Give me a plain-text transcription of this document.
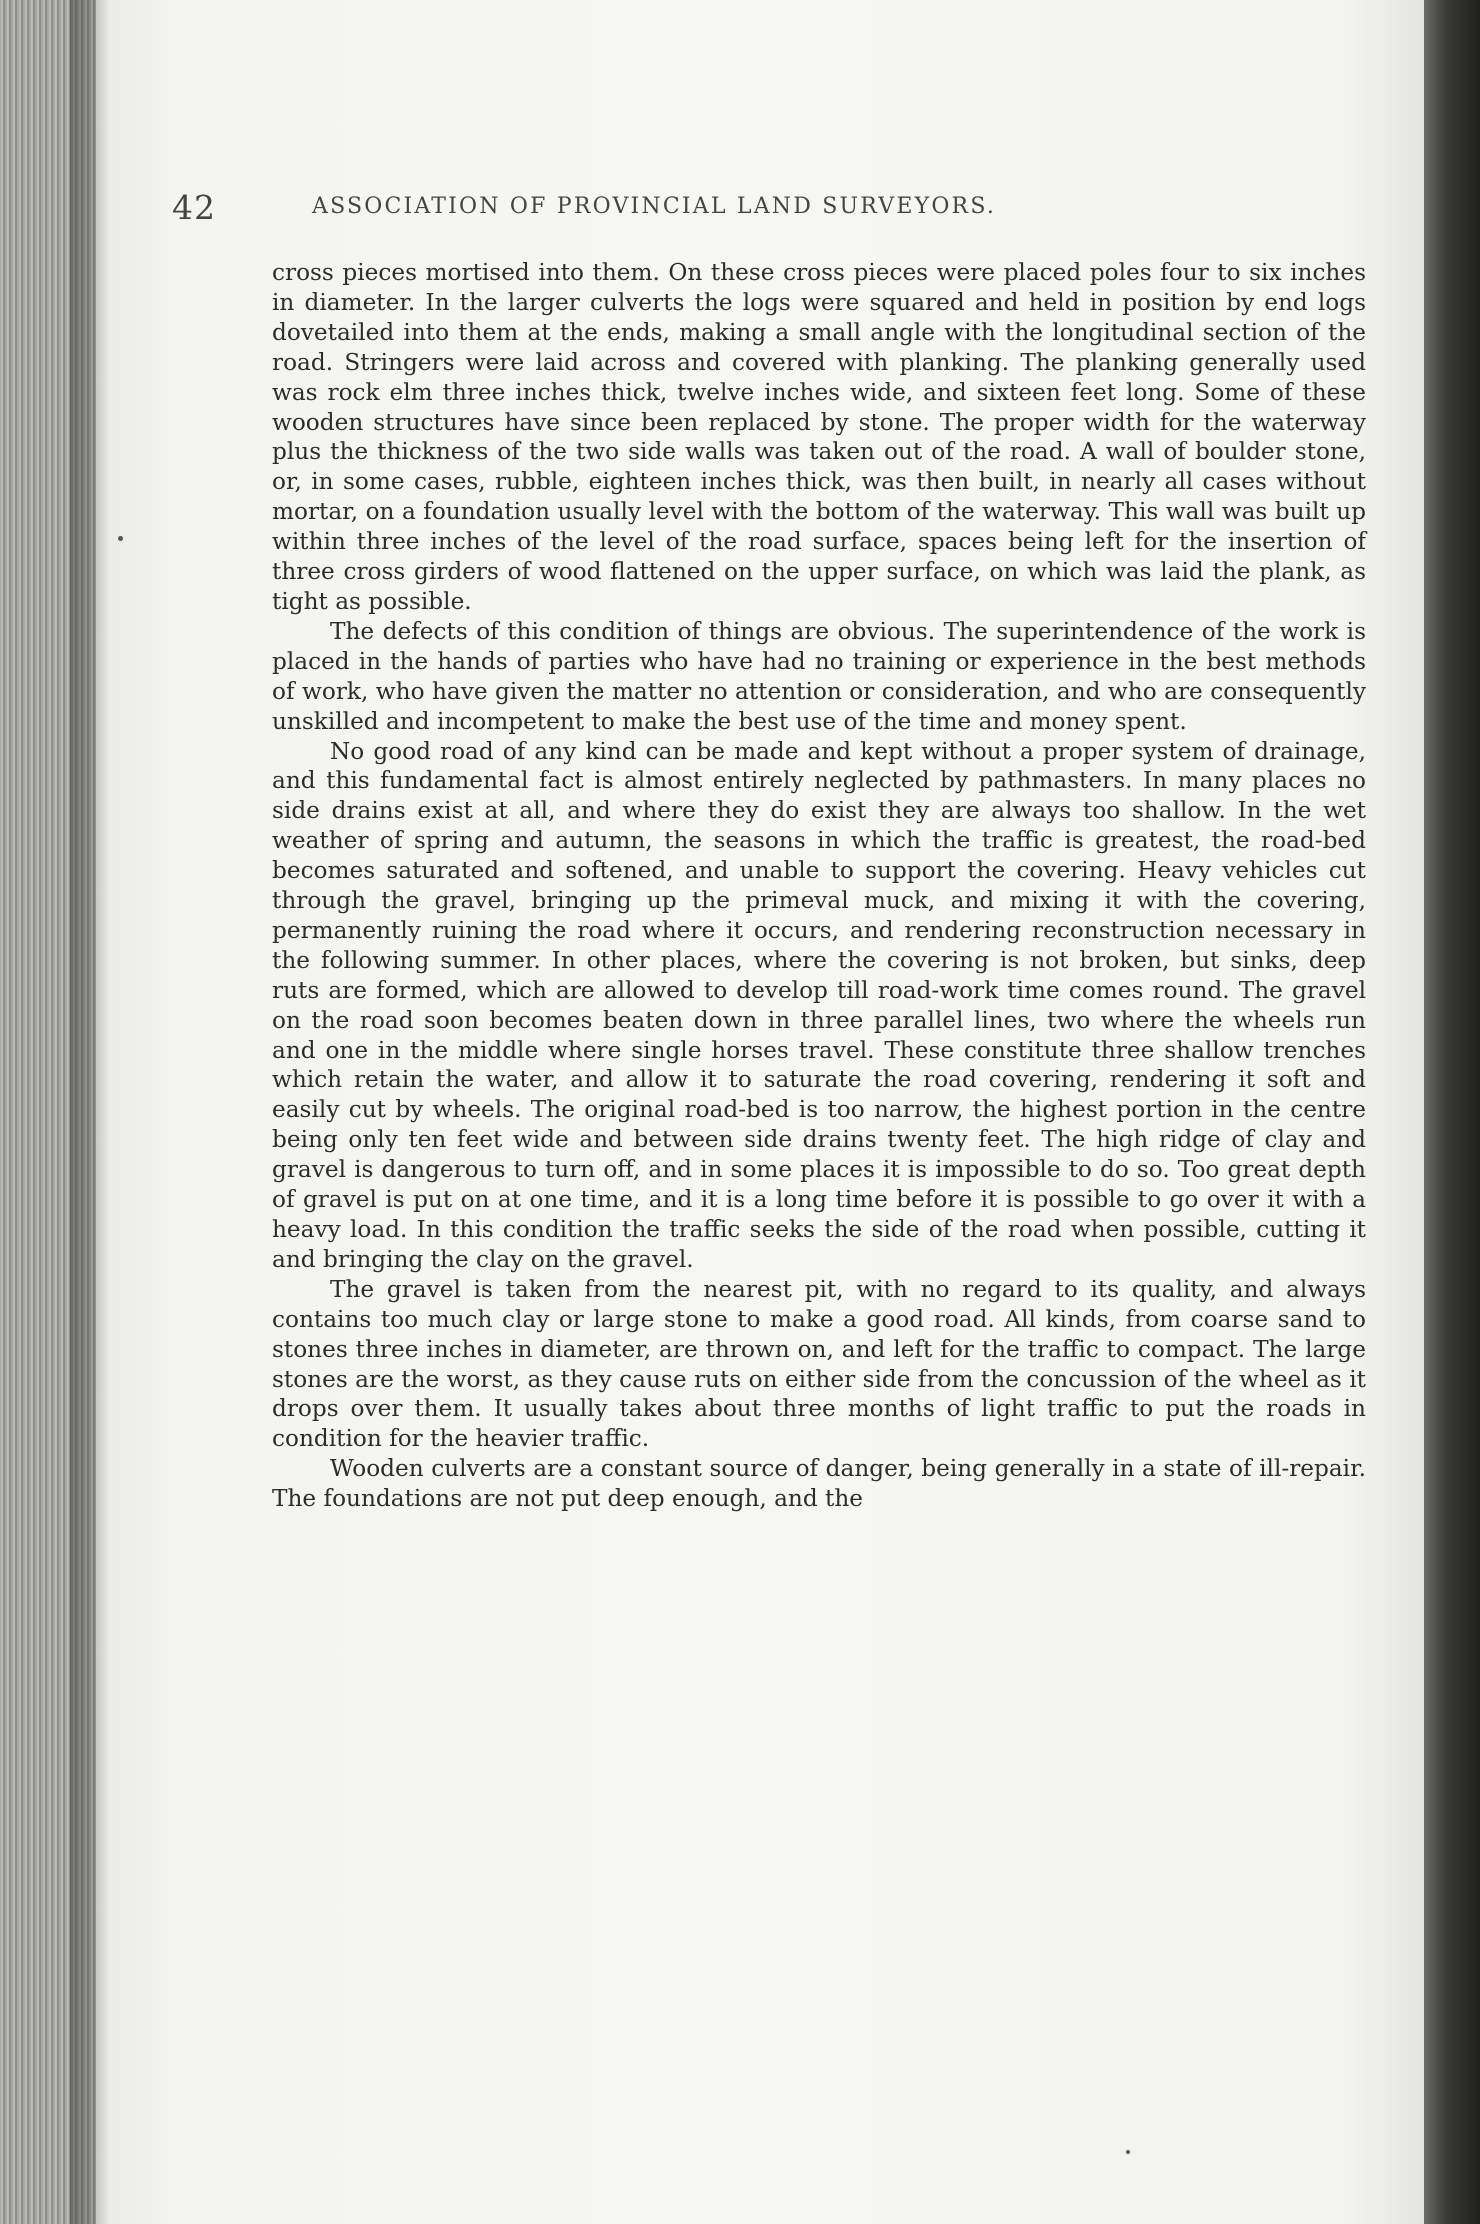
42	ASSOCIATION OF PROVINCIAL LAND SURVEYORS.

cross pieces mortised into them. On these cross pieces were placed poles four to six inches in diameter. In the larger culverts the logs were squared and held in position by end logs dovetailed into them at the ends, making a small angle with the longitudinal section of the road. Stringers were laid across and covered with planking. The planking generally used was rock elm three inches thick, twelve inches wide, and sixteen feet long. Some of these wooden structures have since been replaced by stone. The proper width for the waterway plus the thickness of the two side walls was taken out of the road. A wall of boulder stone, or, in some cases, rubble, eighteen inches thick, was then built, in nearly all cases without mortar, on a foundation usually level with the bottom of the waterway. This wall was built up within three inches of the level of the road surface, spaces being left for the insertion of three cross girders of wood flattened on the upper surface, on which was laid the plank, as tight as possible.

The defects of this condition of things are obvious. The superintendence of the work is placed in the hands of parties who have had no training or experience in the best methods of work, who have given the matter no attention or consideration, and who are consequently unskilled and incompetent to make the best use of the time and money spent.

No good road of any kind can be made and kept without a proper system of drainage, and this fundamental fact is almost entirely neglected by pathmasters. In many places no side drains exist at all, and where they do exist they are always too shallow. In the wet weather of spring and autumn, the seasons in which the traffic is greatest, the road-bed becomes saturated and softened, and unable to support the covering. Heavy vehicles cut through the gravel, bringing up the primeval muck, and mixing it with the covering, permanently ruining the road where it occurs, and rendering reconstruction necessary in the following summer. In other places, where the covering is not broken, but sinks, deep ruts are formed, which are allowed to develop till road-work time comes round. The gravel on the road soon becomes beaten down in three parallel lines, two where the wheels run and one in the middle where single horses travel. These constitute three shallow trenches which retain the water, and allow it to saturate the road covering, rendering it soft and easily cut by wheels. The original road-bed is too narrow, the highest portion in the centre being only ten feet wide and between side drains twenty feet. The high ridge of clay and gravel is dangerous to turn off, and in some places it is impossible to do so. Too great depth of gravel is put on at one time, and it is a long time before it is possible to go over it with a heavy load. In this condition the traffic seeks the side of the road when possible, cutting it and bringing the clay on the gravel.

The gravel is taken from the nearest pit, with no regard to its quality, and always contains too much clay or large stone to make a good road. All kinds, from coarse sand to stones three inches in diameter, are thrown on, and left for the traffic to compact. The large stones are the worst, as they cause ruts on either side from the concussion of the wheel as it drops over them. It usually takes about three months of light traffic to put the roads in condition for the heavier traffic.

Wooden culverts are a constant source of danger, being generally in a state of ill-repair. The foundations are not put deep enough, and the
